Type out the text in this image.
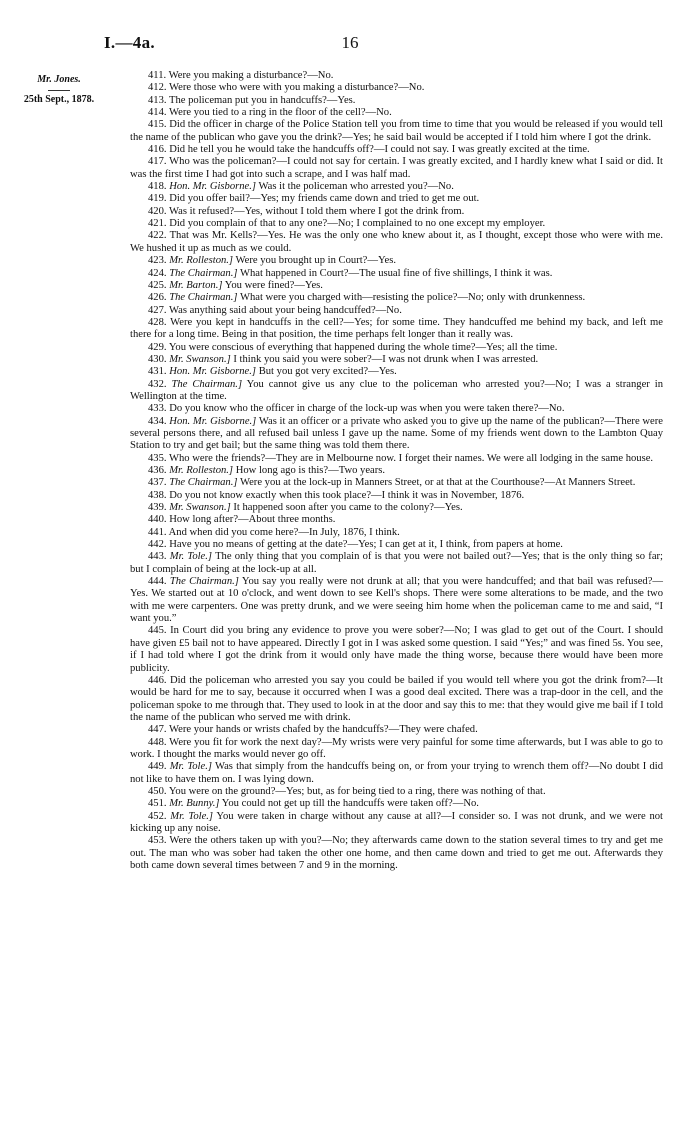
I.—4a.	16
Mr. Jones.
25th Sept., 1878.

411. Were you making a disturbance?—No.

412. Were those who were with you making a disturbance?—No.

413. The policeman put you in handcuffs?—Yes.

414. Were you tied to a ring in the floor of the cell?—No.

415. Did the officer in charge of the Police Station tell you from time to time that you would be released if you would tell the name of the publican who gave you the drink?—Yes; he said bail would be accepted if I told him where I got the drink.

416. Did he tell you he would take the handcuffs off?—I could not say. I was greatly excited at the time.

417. Who was the policeman?—I could not say for certain. I was greatly excited, and I hardly knew what I said or did. It was the first time I had got into such a scrape, and I was half mad.

418. Hon. Mr. Gisborne.] Was it the policeman who arrested you?—No.

419. Did you offer bail?—Yes; my friends came down and tried to get me out.

420. Was it refused?—Yes, without I told them where I got the drink from.

421. Did you complain of that to any one?—No; I complained to no one except my employer.

422. That was Mr. Kells?—Yes. He was the only one who knew about it, as I thought, except those who were with me. We hushed it up as much as we could.

423. Mr. Rolleston.] Were you brought up in Court?—Yes.

424. The Chairman.] What happened in Court?—The usual fine of five shillings, I think it was.

425. Mr. Barton.] You were fined?—Yes.

426. The Chairman.] What were you charged with—resisting the police?—No; only with drunkenness.

427. Was anything said about your being handcuffed?—No.

428. Were you kept in handcuffs in the cell?—Yes; for some time. They handcuffed me behind my back, and left me there for a long time. Being in that position, the time perhaps felt longer than it really was.

429. You were conscious of everything that happened during the whole time?—Yes; all the time.

430. Mr. Swanson.] I think you said you were sober?—I was not drunk when I was arrested.

431. Hon. Mr. Gisborne.] But you got very excited?—Yes.

432. The Chairman.] You cannot give us any clue to the policeman who arrested you?—No; I was a stranger in Wellington at the time.

433. Do you know who the officer in charge of the lock-up was when you were taken there?—No.

434. Hon. Mr. Gisborne.] Was it an officer or a private who asked you to give up the name of the publican?—There were several persons there, and all refused bail unless I gave up the name. Some of my friends went down to the Lambton Quay Station to try and get bail; but the same thing was told them there.

435. Who were the friends?—They are in Melbourne now. I forget their names. We were all lodging in the same house.

436. Mr. Rolleston.] How long ago is this?—Two years.

437. The Chairman.] Were you at the lock-up in Manners Street, or at that at the Courthouse?—At Manners Street.

438. Do you not know exactly when this took place?—I think it was in November, 1876.

439. Mr. Swanson.] It happened soon after you came to the colony?—Yes.

440. How long after?—About three months.

441. And when did you come here?—In July, 1876, I think.

442. Have you no means of getting at the date?—Yes; I can get at it, I think, from papers at home.

443. Mr. Tole.] The only thing that you complain of is that you were not bailed out?—Yes; that is the only thing so far; but I complain of being at the lock-up at all.

444. The Chairman.] You say you really were not drunk at all; that you were handcuffed; and that bail was refused?—Yes. We started out at 10 o'clock, and went down to see Kell's shops. There were some alterations to be made, and the two with me were carpenters. One was pretty drunk, and we were seeing him home when the policeman came to me and said, “I want you.”

445. In Court did you bring any evidence to prove you were sober?—No; I was glad to get out of the Court. I should have given £5 bail not to have appeared. Directly I got in I was asked some question. I said “Yes;” and was fined 5s. You see, if I had told where I got the drink from it would only have made the thing worse, because there would have been more publicity.

446. Did the policeman who arrested you say you could be bailed if you would tell where you got the drink from?—It would be hard for me to say, because it occurred when I was a good deal excited. There was a trap-door in the cell, and the policeman spoke to me through that. They used to look in at the door and say this to me: that they would give me bail if I told the name of the publican who served me with drink.

447. Were your hands or wrists chafed by the handcuffs?—They were chafed.

448. Were you fit for work the next day?—My wrists were very painful for some time afterwards, but I was able to go to work. I thought the marks would never go off.

449. Mr. Tole.] Was that simply from the handcuffs being on, or from your trying to wrench them off?—No doubt I did not like to have them on. I was lying down.

450. You were on the ground?—Yes; but, as for being tied to a ring, there was nothing of that.

451. Mr. Bunny.] You could not get up till the handcuffs were taken off?—No.

452. Mr. Tole.] You were taken in charge without any cause at all?—I consider so. I was not drunk, and we were not kicking up any noise.

453. Were the others taken up with you?—No; they afterwards came down to the station several times to try and get me out. The man who was sober had taken the other one home, and then came down and tried to get me out. Afterwards they both came down several times between 7 and 9 in the morning.
